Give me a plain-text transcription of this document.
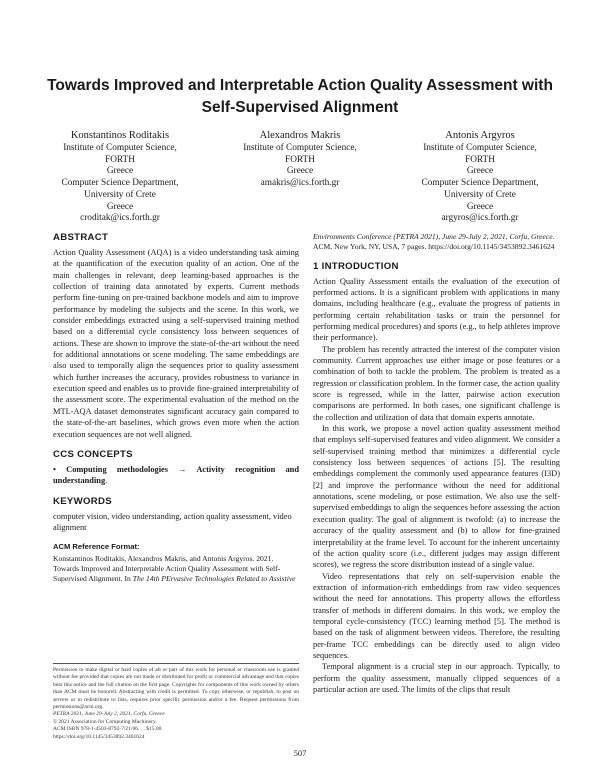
Towards Improved and Interpretable Action Quality Assessment with Self-Supervised Alignment
Konstantinos Roditakis
Institute of Computer Science,
FORTH
Greece
Computer Science Department,
University of Crete
Greece
croditak@ics.forth.gr
Alexandros Makris
Institute of Computer Science,
FORTH
Greece
amakris@ics.forth.gr
Antonis Argyros
Institute of Computer Science,
FORTH
Greece
Computer Science Department,
University of Crete
Greece
argyros@ics.forth.gr
ABSTRACT

Action Quality Assessment (AQA) is a video understanding task aiming at the quantification of the execution quality of an action. One of the main challenges in relevant, deep learning-based approaches is the collection of training data annotated by experts. Current methods perform fine-tuning on pre-trained backbone models and aim to improve performance by modeling the subjects and the scene. In this work, we consider embeddings extracted using a self-supervised training method based on a differential cycle consistency loss between sequences of actions. These are shown to improve the state-of-the-art without the need for additional annotations or scene modeling. The same embeddings are also used to temporally align the sequences prior to quality assessment which further increases the accuracy, provides robustness to variance in execution speed and enables us to provide fine-grained interpretability of the assessment score. The experimental evaluation of the method on the MTL-AQA dataset demonstrates significant accuracy gain compared to the state-of-the-art baselines, which grows even more when the action execution sequences are not well aligned.

CCS CONCEPTS

• Computing methodologies → Activity recognition and understanding.

KEYWORDS

computer vision, video understanding, action quality assessment, video alignment

ACM Reference Format:
Konstantinos Roditakis, Alexandros Makris, and Antonis Argyros. 2021. Towards Improved and Interpretable Action Quality Assessment with Self-Supervised Alignment. In The 14th PErvasive Technologies Related to Assistive

Permission to make digital or hard copies of all or part of this work for personal or classroom use is granted without fee provided that copies are not made or distributed for profit or commercial advantage and that copies bear this notice and the full citation on the first page. Copyrights for components of this work owned by others than ACM must be honored. Abstracting with credit is permitted. To copy otherwise, or republish, to post on servers or to redistribute to lists, requires prior specific permission and/or a fee. Request permissions from permissions@acm.org.

PETRA 2021, June 29-July 2, 2021, Corfu, Greece
© 2021 Association for Computing Machinery.
ACM ISBN 978-1-4503-8792-7/21/06. . . $15.00
https://doi.org/10.1145/3453892.3461624
Environments Conference (PETRA 2021), June 29-July 2, 2021, Corfu, Greece. ACM, New York, NY, USA, 7 pages. https://doi.org/10.1145/3453892.3461624
1 INTRODUCTION

Action Quality Assessment entails the evaluation of the execution of performed actions. It is a significant problem with applications in many domains, including healthcare (e.g., evaluate the progress of patients in performing certain rehabilitation tasks or train the personnel for performing medical procedures) and sports (e.g., to help athletes improve their performance).

The problem has recently attracted the interest of the computer vision community. Current approaches use either image or pose features or a combination of both to tackle the problem. The problem is treated as a regression or classification problem. In the former case, the action quality score is regressed, while in the latter, pairwise action execution comparisons are performed. In both cases, one significant challenge is the collection and utilization of data that domain experts annotate.

In this work, we propose a novel action quality assessment method that employs self-supervised features and video alignment. We consider a self-supervised training method that minimizes a differential cycle consistency loss between sequences of actions [5]. The resulting embeddings complement the commonly used appearance features (I3D) [2] and improve the performance without the need for additional annotations, scene modeling, or pose estimation. We also use the self-supervised embeddings to align the sequences before assessing the action execution quality. The goal of alignment is twofold: (a) to increase the accuracy of the quality assessment and (b) to allow for fine-grained interpretability at the frame level. To account for the inherent uncertainty of the action quality score (i.e., different judges may assign different scores), we regress the score distribution instead of a single value.

Video representations that rely on self-supervision enable the extraction of information-rich embeddings from raw video sequences without the need for annotations. This property allows the effortless transfer of methods in different domains. In this work, we employ the temporal cycle-consistency (TCC) learning method [5]. The method is based on the task of alignment between videos. Therefore, the resulting per-frame TCC embeddings can be directly used to align video sequences.

Temporal alignment is a crucial step in our approach. Typically, to perform the quality assessment, manually clipped sequences of a particular action are used. The limits of the clips that result

507
